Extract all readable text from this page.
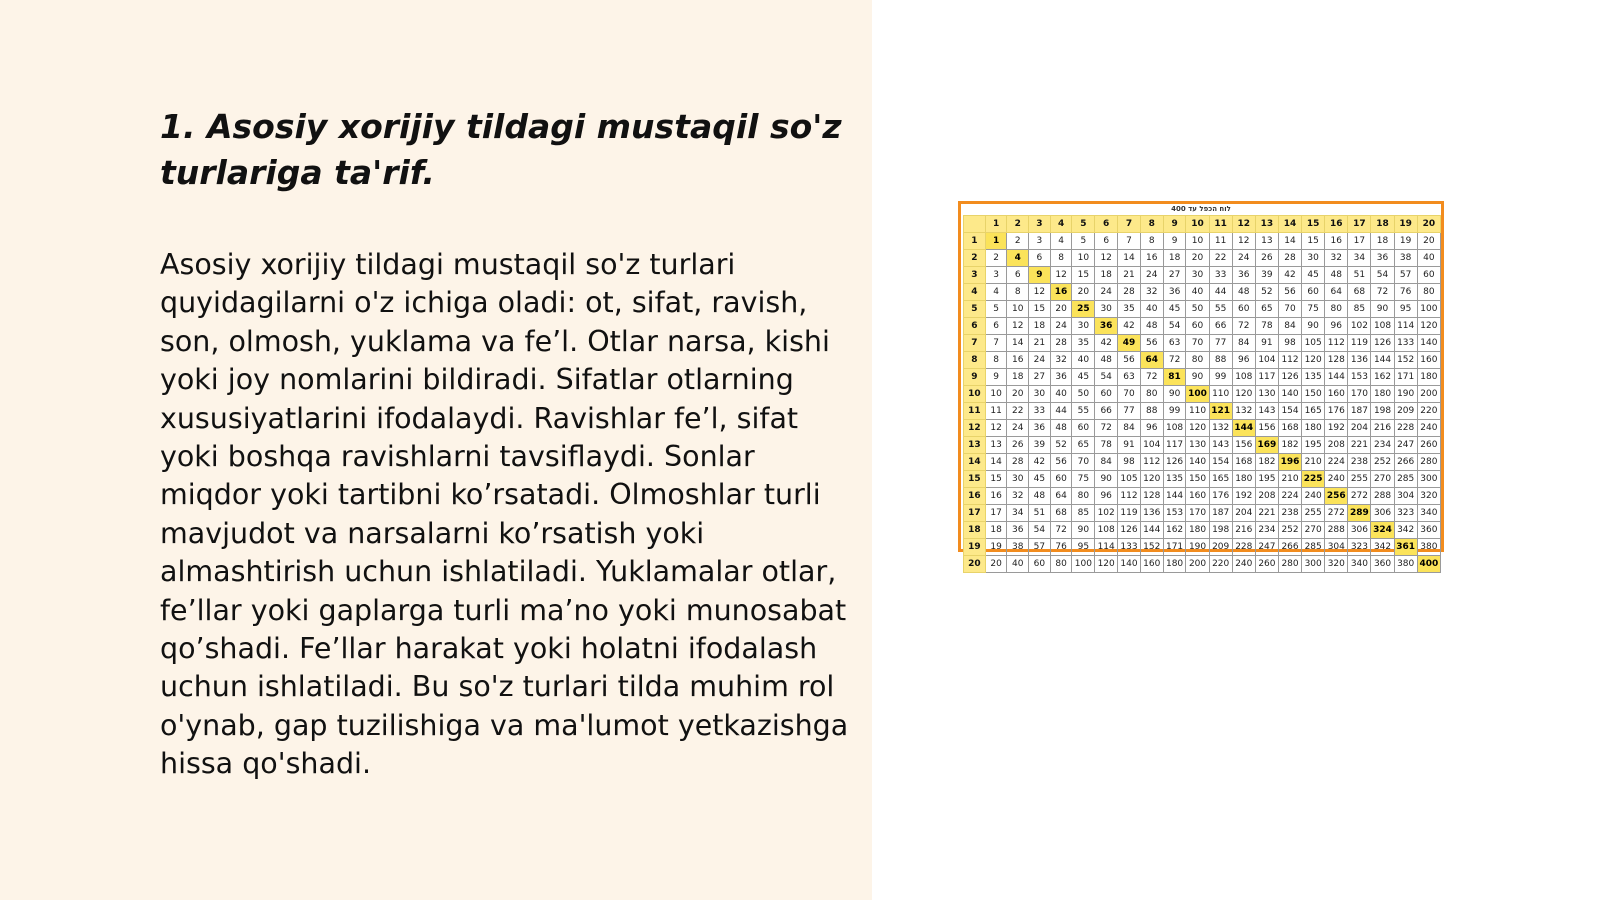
1. Asosiy xorijiy tildagi mustaqil so'z turlariga ta'rif.

Asosiy xorijiy tildagi mustaqil so'z turlari quyidagilarni o'z ichiga oladi: ot, sifat, ravish, son, olmosh, yuklama va fe’l. Otlar narsa, kishi yoki joy nomlarini bildiradi. Sifatlar otlarning xususiyatlarini ifodalaydi. Ravishlar fe’l, sifat yoki boshqa ravishlarni tavsiflaydi. Sonlar miqdor yoki tartibni ko’rsatadi. Olmoshlar turli mavjudot va narsalarni ko’rsatish yoki almashtirish uchun ishlatiladi. Yuklamalar otlar, fe’llar yoki gaplarga turli ma’no yoki munosabat qo’shadi. Fe’llar harakat yoki holatni ifodalash uchun ishlatiladi. Bu so'z turlari tilda muhim rol o'ynab, gap tuzilishiga va ma'lumot yetkazishga hissa qo'shadi.

לוח הכפל עד 400
	1	2	3	4	5	6	7	8	9	10	11	12	13	14	15	16	17	18	19	20
1	1	2	3	4	5	6	7	8	9	10	11	12	13	14	15	16	17	18	19	20
2	2	4	6	8	10	12	14	16	18	20	22	24	26	28	30	32	34	36	38	40
3	3	6	9	12	15	18	21	24	27	30	33	36	39	42	45	48	51	54	57	60
4	4	8	12	16	20	24	28	32	36	40	44	48	52	56	60	64	68	72	76	80
5	5	10	15	20	25	30	35	40	45	50	55	60	65	70	75	80	85	90	95	100
6	6	12	18	24	30	36	42	48	54	60	66	72	78	84	90	96	102	108	114	120
7	7	14	21	28	35	42	49	56	63	70	77	84	91	98	105	112	119	126	133	140
8	8	16	24	32	40	48	56	64	72	80	88	96	104	112	120	128	136	144	152	160
9	9	18	27	36	45	54	63	72	81	90	99	108	117	126	135	144	153	162	171	180
10	10	20	30	40	50	60	70	80	90	100	110	120	130	140	150	160	170	180	190	200
11	11	22	33	44	55	66	77	88	99	110	121	132	143	154	165	176	187	198	209	220
12	12	24	36	48	60	72	84	96	108	120	132	144	156	168	180	192	204	216	228	240
13	13	26	39	52	65	78	91	104	117	130	143	156	169	182	195	208	221	234	247	260
14	14	28	42	56	70	84	98	112	126	140	154	168	182	196	210	224	238	252	266	280
15	15	30	45	60	75	90	105	120	135	150	165	180	195	210	225	240	255	270	285	300
16	16	32	48	64	80	96	112	128	144	160	176	192	208	224	240	256	272	288	304	320
17	17	34	51	68	85	102	119	136	153	170	187	204	221	238	255	272	289	306	323	340
18	18	36	54	72	90	108	126	144	162	180	198	216	234	252	270	288	306	324	342	360
19	19	38	57	76	95	114	133	152	171	190	209	228	247	266	285	304	323	342	361	380
20	20	40	60	80	100	120	140	160	180	200	220	240	260	280	300	320	340	360	380	400
